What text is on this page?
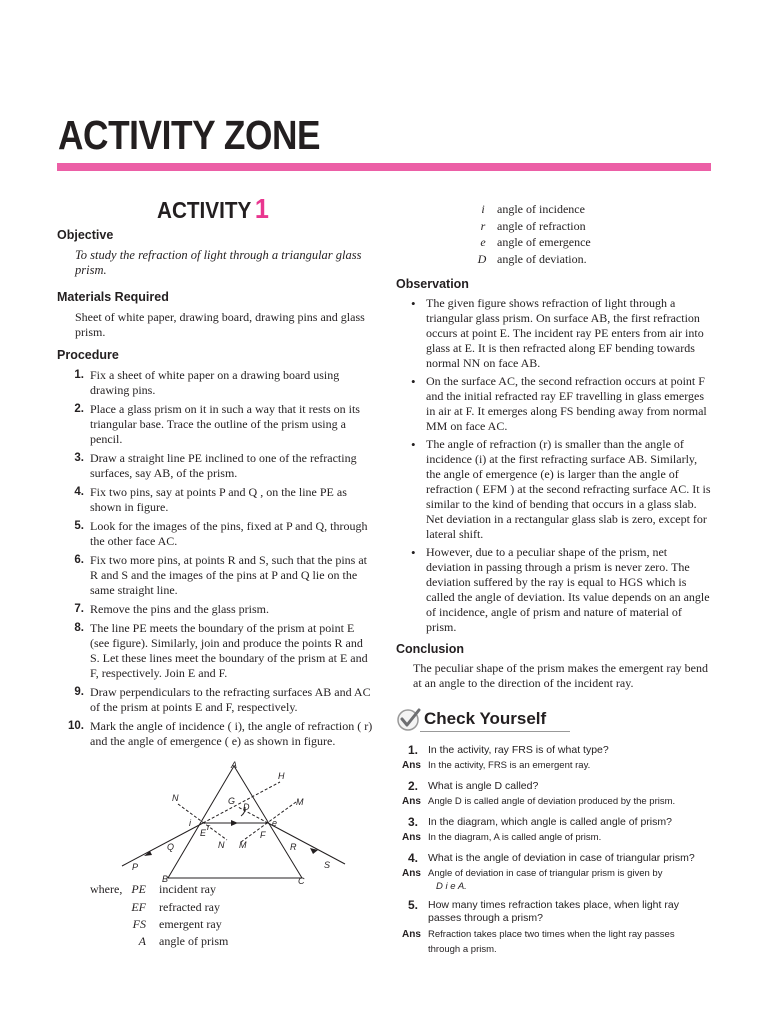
ACTIVITY ZONE
ACTIVITY 1
Objective
To study the refraction of light through a triangular glass prism.
Materials Required
Sheet of white paper, drawing board, drawing pins and glass prism.
Procedure
1. Fix a sheet of white paper on a drawing board using drawing pins.
2. Place a glass prism on it in such a way that it rests on its triangular base. Trace the outline of the prism using a pencil.
3. Draw a straight line PE inclined to one of the refracting surfaces, say AB, of the prism.
4. Fix two pins, say at points P and Q , on the line PE as shown in figure.
5. Look for the images of the pins, fixed at P and Q, through the other face AC.
6. Fix two more pins, at points R and S, such that the pins at R and S and the images of the pins at P and Q lie on the same straight line.
7. Remove the pins and the glass prism.
8. The line PE meets the boundary of the prism at point E (see figure). Similarly, join and produce the points R and S. Let these lines meet the boundary of the prism at E and F, respectively. Join E and F.
9. Draw perpendiculars to the refracting surfaces AB and AC of the prism at points E and F, respectively.
10. Mark the angle of incidence ( i), the angle of refraction ( r) and the angle of emergence ( e) as shown in figure.
A
H
N	G
D	M
i r
E
e
F
Q	N M	R
P	S
B	C
where, PE incident ray
EF refracted ray
FS emergent ray
A angle of prism
i angle of incidence
r angle of refraction
e angle of emergence
D angle of deviation.
Observation
• The given figure shows refraction of light through a triangular glass prism. On surface AB, the first refraction occurs at point E. The incident ray PE enters from air into glass at E. It is then refracted along EF bending towards normal NN on face AB.
• On the surface AC, the second refraction occurs at point F and the initial refracted ray EF travelling in glass emerges in air at F. It emerges along FS bending away from normal MM on face AC.
• The angle of refraction (r) is smaller than the angle of incidence (i) at the first refracting surface AB. Similarly, the angle of emergence (e) is larger than the angle of refraction ( EFM ) at the second refracting surface AC. It is similar to the kind of bending that occurs in a glass slab. Net deviation in a rectangular glass slab is zero, except for lateral shift.
• However, due to a peculiar shape of the prism, net deviation in passing through a prism is never zero. The deviation suffered by the ray is equal to HGS which is called the angle of deviation. Its value depends on an angle of incidence, angle of prism and nature of material of prism.
Conclusion
The peculiar shape of the prism makes the emergent ray bend at an angle to the direction of the incident ray.
Check Yourself
1. In the activity, ray FRS is of what type?
Ans In the activity, FRS is an emergent ray.
2. What is angle D called?
Ans Angle D is called angle of deviation produced by the prism.
3. In the diagram, which angle is called angle of prism?
Ans In the diagram, A is called angle of prism.
4. What is the angle of deviation in case of triangular prism?
Ans Angle of deviation in case of triangular prism is given by
D i e A.
5. How many times refraction takes place, when light ray passes through a prism?
Ans Refraction takes place two times when the light ray passes through a prism.
